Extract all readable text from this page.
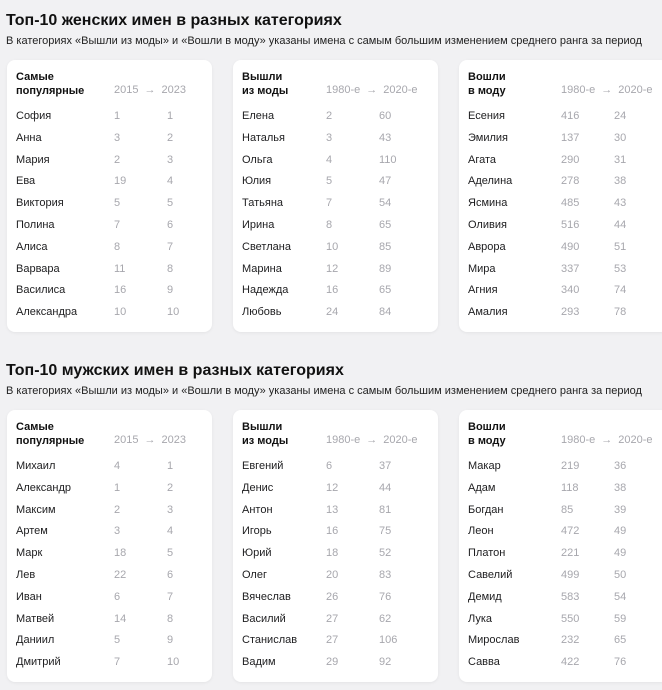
Топ-10 женских имен в разных категориях
В категориях «Вышли из моды» и «Вошли в моду» указаны имена с самым большим изменением среднего ранга за период
Самые
популярные	2015 → 2023
София	1	1
Анна	3	2
Мария	2	3
Ева	19	4
Виктория	5	5
Полина	7	6
Алиса	8	7
Варвара	11	8
Василиса	16	9
Александра	10	10
Вышли
из моды	1980-е → 2020-е
Елена	2	60
Наталья	3	43
Ольга	4	110
Юлия	5	47
Татьяна	7	54
Ирина	8	65
Светлана	10	85
Марина	12	89
Надежда	16	65
Любовь	24	84
Вошли
в моду	1980-е → 2020-е
Есения	416	24
Эмилия	137	30
Агата	290	31
Аделина	278	38
Ясмина	485	43
Оливия	516	44
Аврора	490	51
Мира	337	53
Агния	340	74
Амалия	293	78
Топ-10 мужских имен в разных категориях
В категориях «Вышли из моды» и «Вошли в моду» указаны имена с самым большим изменением среднего ранга за период
Самые
популярные	2015 → 2023
Михаил	4	1
Александр	1	2
Максим	2	3
Артем	3	4
Марк	18	5
Лев	22	6
Иван	6	7
Матвей	14	8
Даниил	5	9
Дмитрий	7	10
Вышли
из моды	1980-е → 2020-е
Евгений	6	37
Денис	12	44
Антон	13	81
Игорь	16	75
Юрий	18	52
Олег	20	83
Вячеслав	26	76
Василий	27	62
Станислав	27	106
Вадим	29	92
Вошли
в моду	1980-е → 2020-е
Макар	219	36
Адам	118	38
Богдан	85	39
Леон	472	49
Платон	221	49
Савелий	499	50
Демид	583	54
Лука	550	59
Мирослав	232	65
Савва	422	76
